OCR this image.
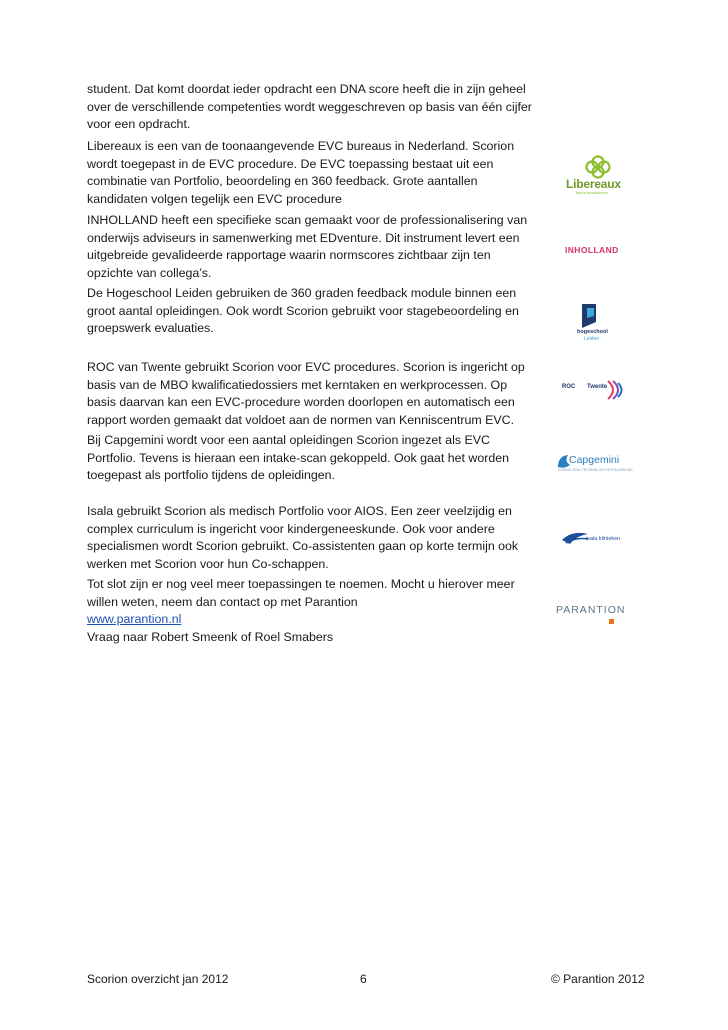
student. Dat komt doordat ieder opdracht een DNA score heeft die in zijn geheel
over de verschillende competenties wordt weggeschreven op basis van één cijfer
voor een opdracht.

Libereaux is een van de toonaangevende EVC bureaus in Nederland. Scorion
wordt toegepast in de EVC procedure. De EVC toepassing bestaat uit een
combinatie van Portfolio, beoordeling en 360 feedback. Grote aantallen
kandidaten volgen tegelijk een EVC procedure

INHOLLAND heeft een specifieke scan gemaakt voor de professionalisering van
onderwijs adviseurs in samenwerking met EDventure. Dit instrument levert een
uitgebreide gevalideerde rapportage waarin normscores zichtbaar zijn ten
opzichte van collega’s.

De Hogeschool Leiden gebruiken de 360 graden feedback module binnen een
groot aantal opleidingen. Ook wordt Scorion gebruikt voor stagebeoordeling en
groepswerk evaluaties.

ROC van Twente gebruikt Scorion voor EVC procedures. Scorion is ingericht op
basis van de MBO kwalificatiedossiers met kerntaken en werkprocessen. Op
basis daarvan kan een EVC-procedure worden doorlopen en automatisch een
rapport worden gemaakt dat voldoet aan de normen van Kenniscentrum EVC.

Bij Capgemini wordt voor een aantal opleidingen Scorion ingezet als EVC
Portfolio. Tevens is hieraan een intake-scan gekoppeld. Ook gaat het worden
toegepast als portfolio tijdens de opleidingen.

Isala gebruikt Scorion als medisch Portfolio voor AIOS. Een zeer veelzijdig en
complex curriculum is ingericht voor kindergeneeskunde. Ook voor andere
specialismen wordt Scorion gebruikt. Co-assistenten gaan op korte termijn ook
werken met Scorion voor hun Co-schappen.

Tot slot zijn er nog veel meer toepassingen te noemen. Mocht u hierover meer
willen weten, neem dan contact op met Parantion
www.parantion.nl
Vraag naar Robert Smeenk of Roel Smabers

Libereaux
talent ontwikkelen
INHOLLAND
hogeschool
Leiden
ROC Twente
Capgemini
CONSULTING.TECHNOLOGY.OUTSOURCING
isala klinieken
PARANTION
Scorion overzicht jan 2012	6	© Parantion 2012
